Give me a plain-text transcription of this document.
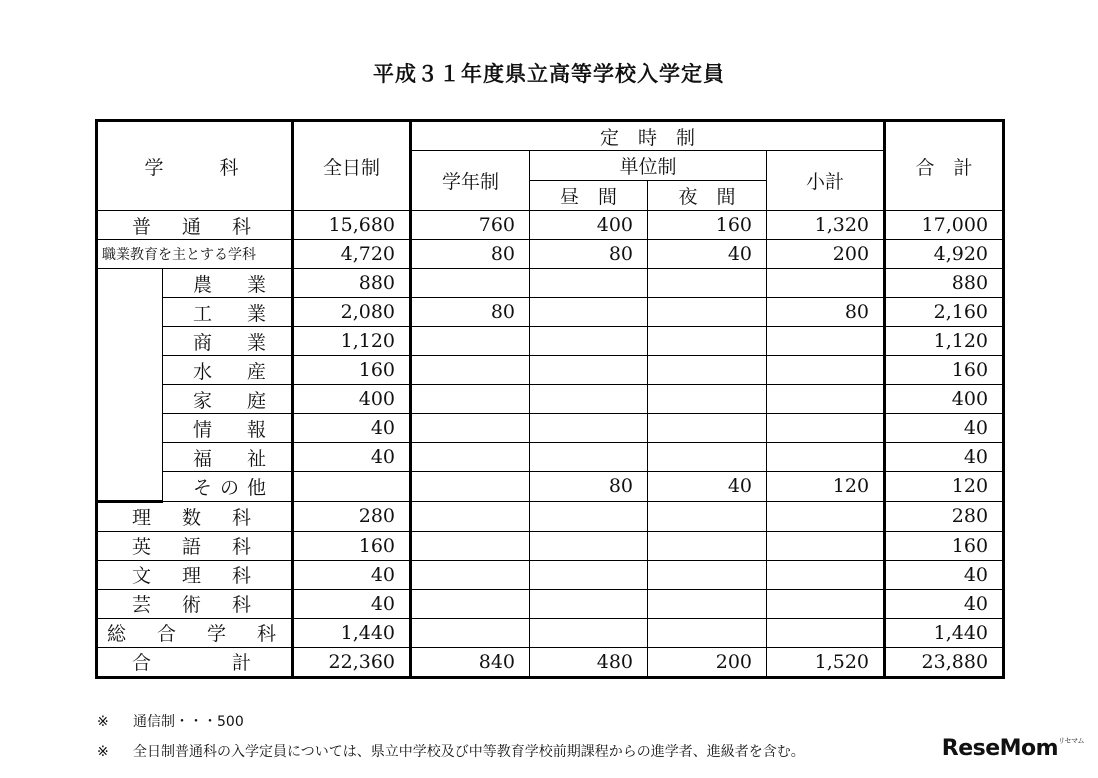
平成３１年度県立高等学校入学定員
学　　科		全日制	定　時　制				合　計
			学年制	単位制		小計	
				昼　間	夜　間		
普　通　科		15,680	760	400	160	1,320	17,000
職業教育を主とする学科		4,720	80	80	40	200	4,920
	農　業	880					880
	工　業	2,080	80			80	2,160
	商　業	1,120					1,120
	水　産	160					160
	家　庭	400					400
	情　報	40					40
	福　祉	40					40
	その他			80	40	120	120
理　数　科		280					280
英　語　科		160					160
文　理　科		40					40
芸　術　科		40					40
総　合　学　科		1,440					1,440
合　　　計		22,360	840	480	200	1,520	23,880
※ 通信制・・・500
※ 全日制普通科の入学定員については、県立中学校及び中等教育学校前期課程からの進学者、進級者を含む。	ReseMom$^{リセマム}$
